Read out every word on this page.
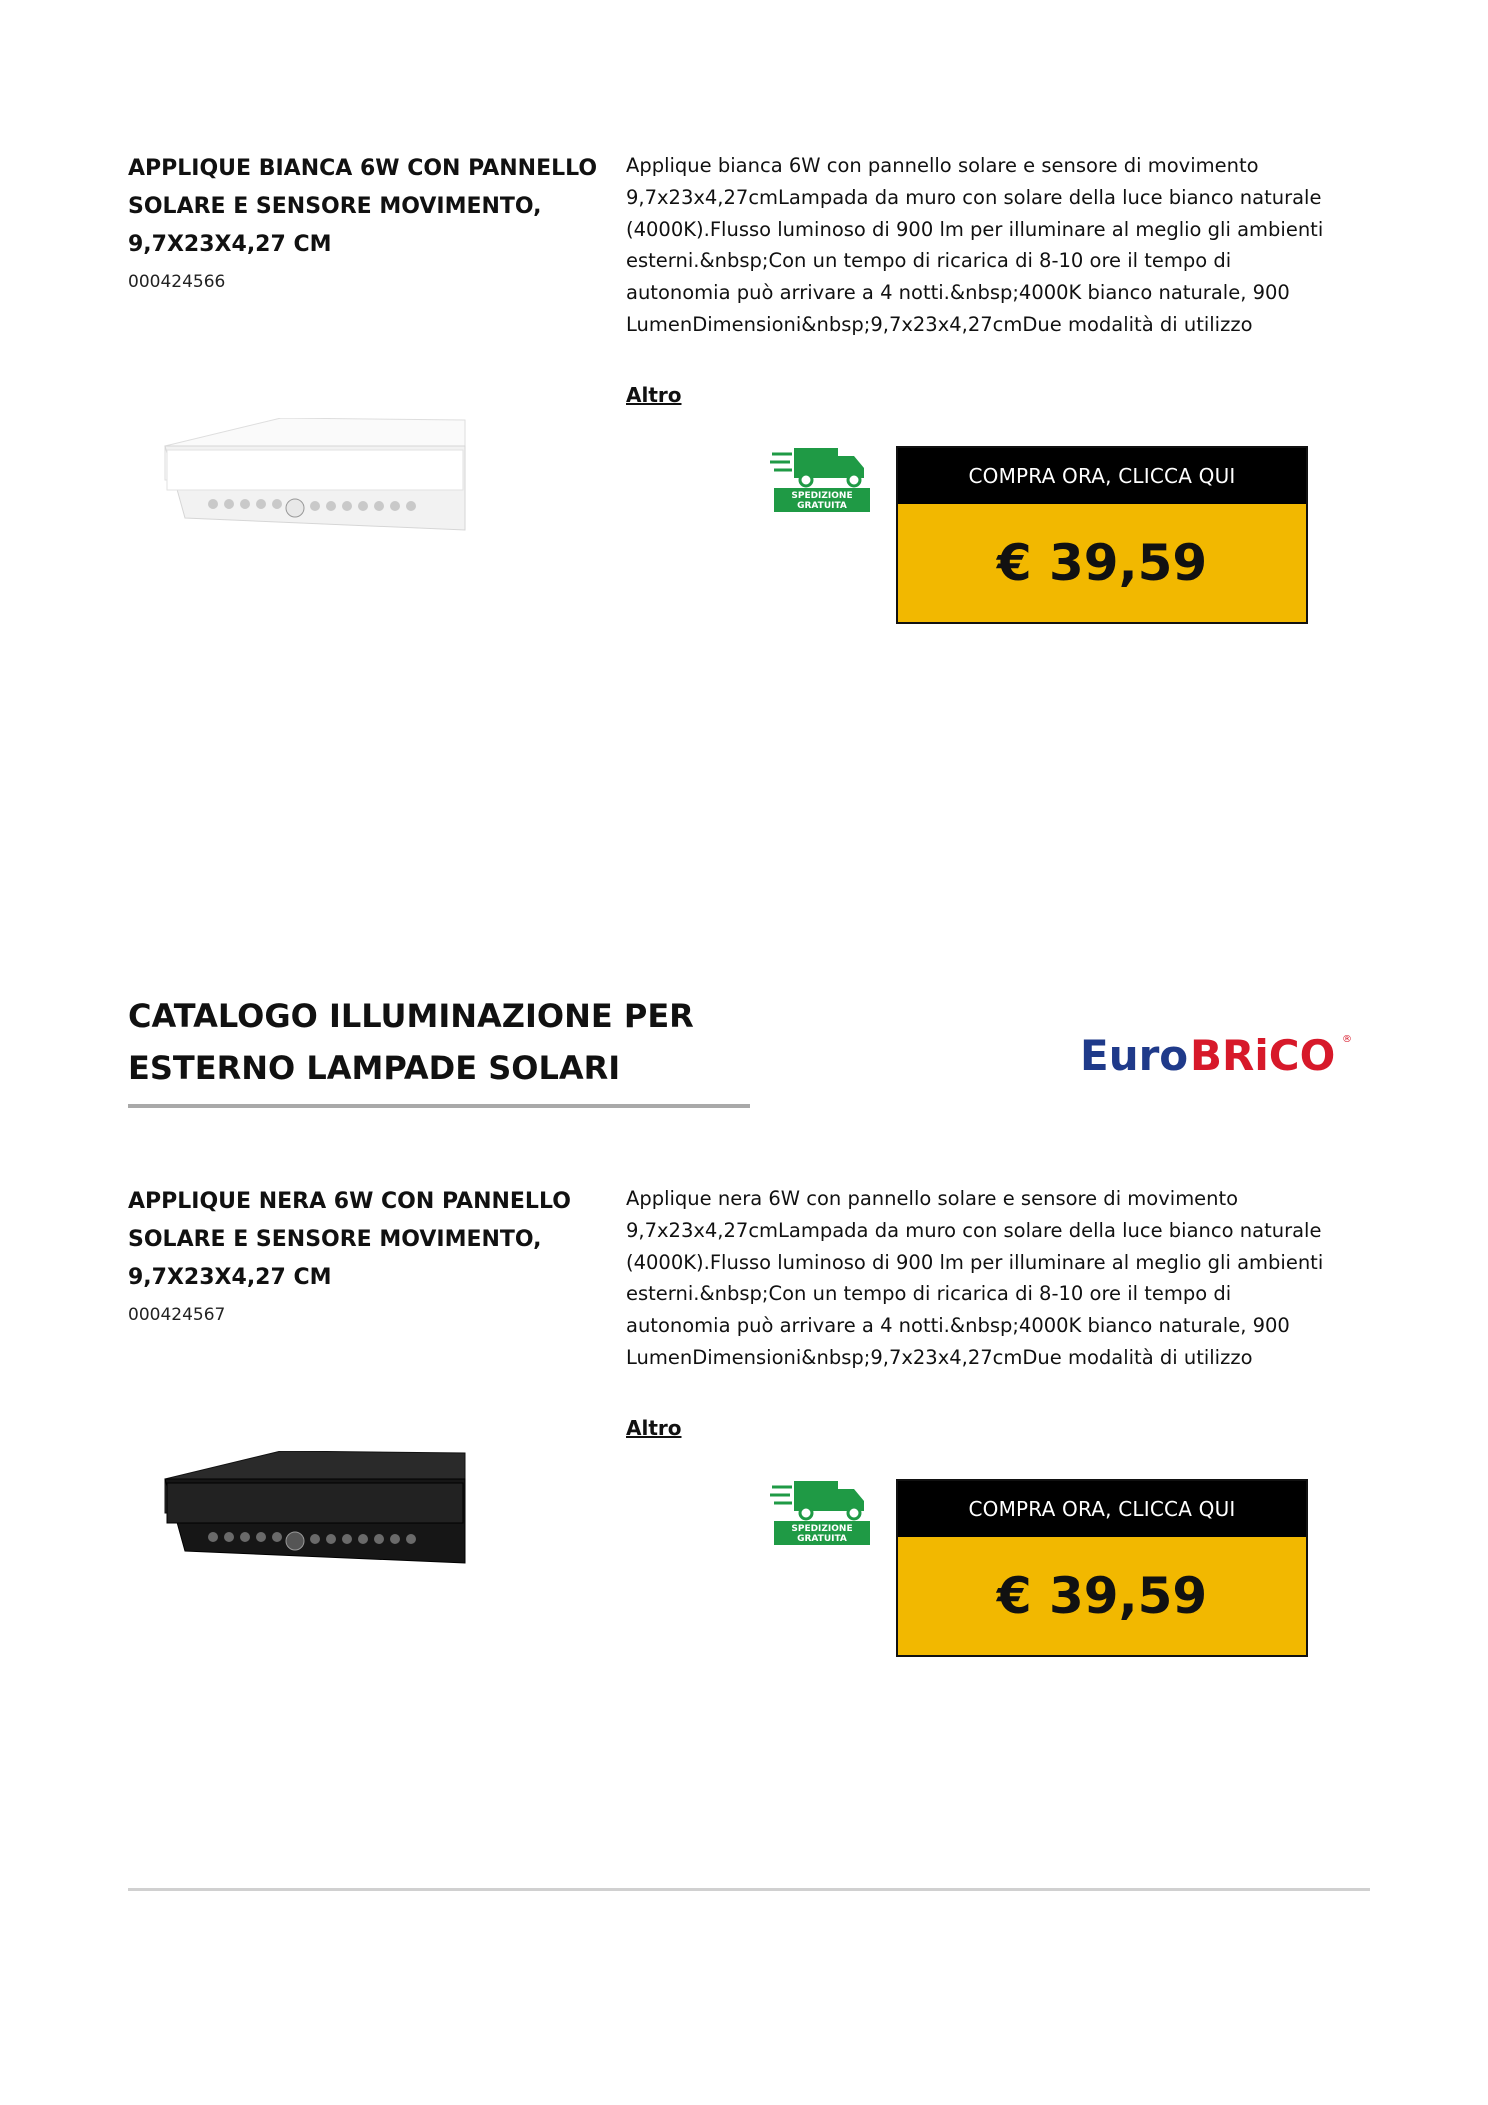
APPLIQUE BIANCA 6W CON PANNELLO SOLARE E SENSORE MOVIMENTO, 9,7X23X4,27 CM
000424566

Applique bianca 6W con pannello solare e sensore di movimento 9,7x23x4,27cmLampada da muro con solare della luce bianco naturale (4000K).Flusso luminoso di 900 lm per illuminare al meglio gli ambienti esterni.&nbsp;Con un tempo di ricarica di 8-10 ore il tempo di autonomia può arrivare a 4 notti.&nbsp;4000K bianco naturale, 900 LumenDimensioni&nbsp;9,7x23x4,27cmDue modalità di utilizzo

Altro
SPEDIZIONE
GRATUITA
COMPRA ORA, CLICCA QUI
€ 39,59
CATALOGO ILLUMINAZIONE PER ESTERNO LAMPADE SOLARI	Euro BRiCO ®
APPLIQUE NERA 6W CON PANNELLO SOLARE E SENSORE MOVIMENTO, 9,7X23X4,27 CM
000424567

Applique nera 6W con pannello solare e sensore di movimento 9,7x23x4,27cmLampada da muro con solare della luce bianco naturale (4000K).Flusso luminoso di 900 lm per illuminare al meglio gli ambienti esterni.&nbsp;Con un tempo di ricarica di 8-10 ore il tempo di autonomia può arrivare a 4 notti.&nbsp;4000K bianco naturale, 900 LumenDimensioni&nbsp;9,7x23x4,27cmDue modalità di utilizzo

Altro
SPEDIZIONE
GRATUITA
COMPRA ORA, CLICCA QUI
€ 39,59
